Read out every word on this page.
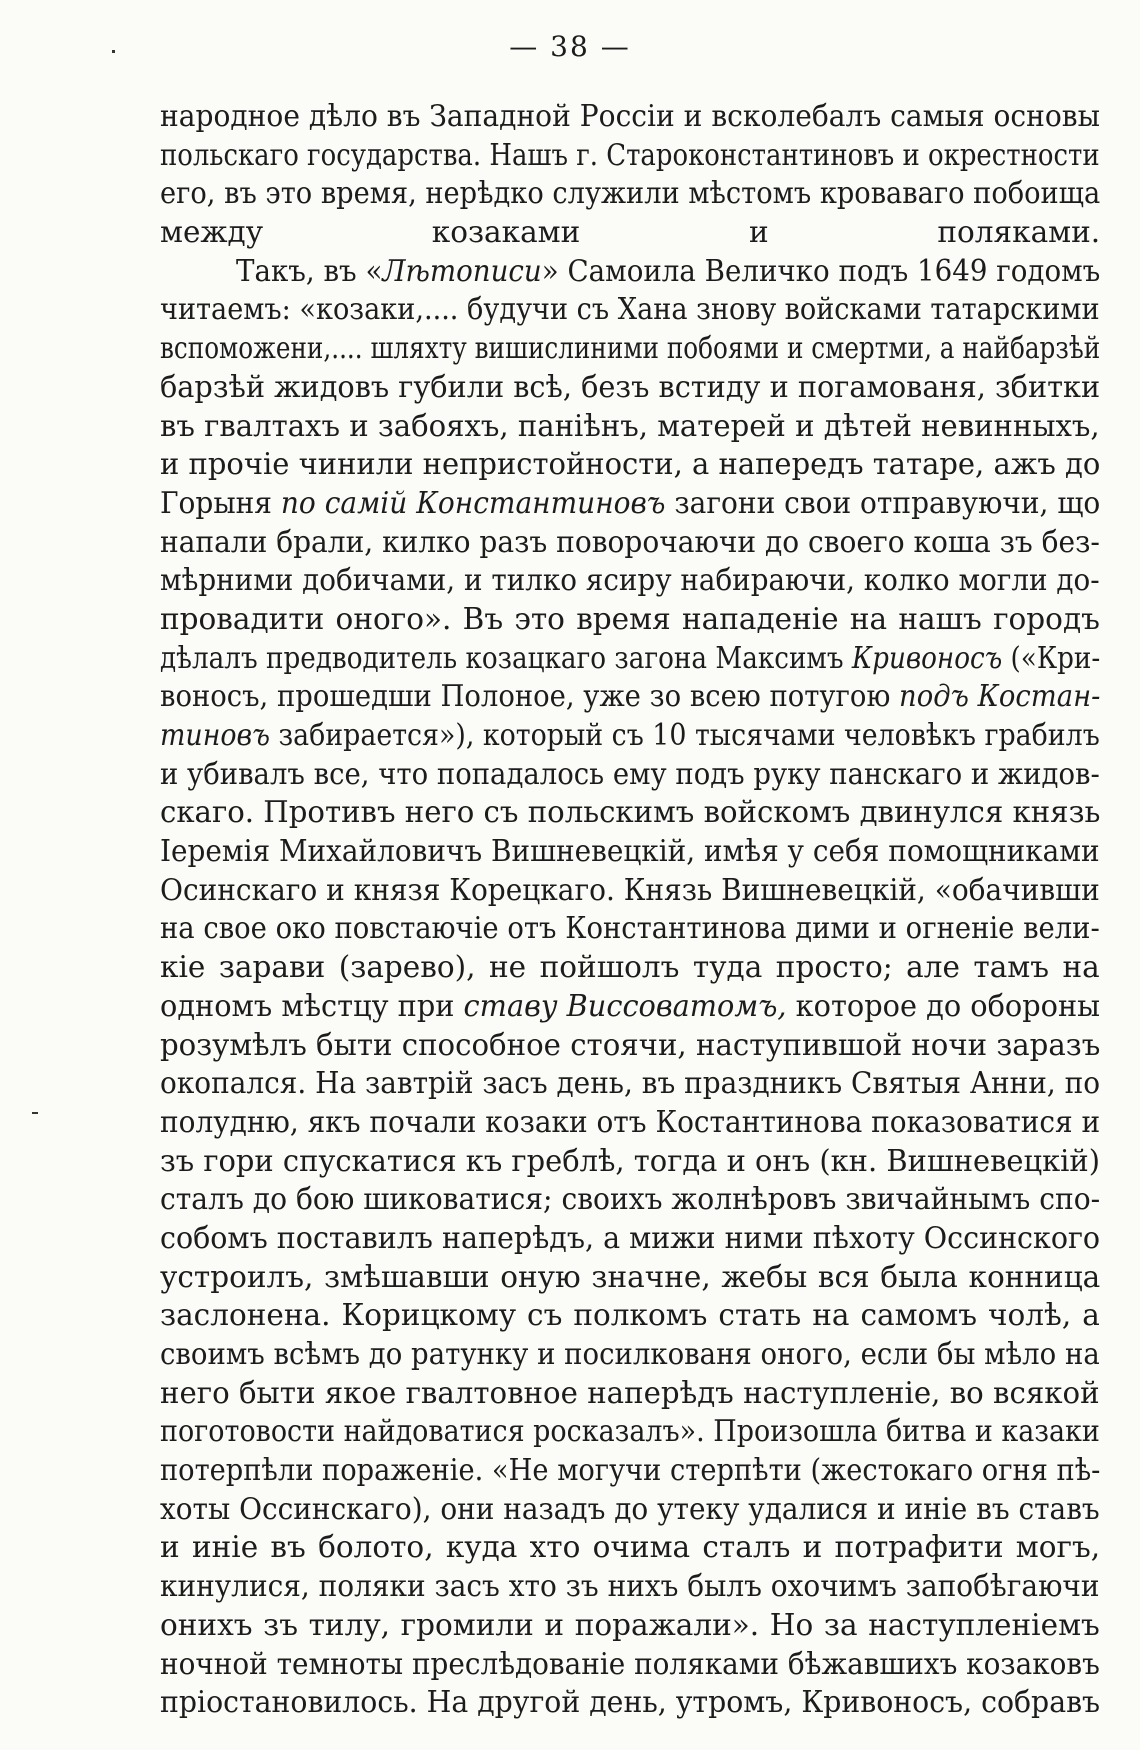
— 38 —
народное дѣло въ Западной Россіи и всколебалъ самыя основы
польскаго государства. Нашъ г. Староконстантиновъ и окрестности
его, въ это время, нерѣдко служили мѣстомъ кроваваго побоища
между козаками и поляками.
Такъ, въ «Лѣтописи» Самоила Величко подъ 1649 годомъ
читаемъ: «козаки,.... будучи съ Хана зновy войсками татарскими
вспоможени,.... шляхту вишислиними побоями и смертми, а найбарзѣй
барзѣй жидовъ губили всѣ, безъ встиду и погамованя, збитки
въ гвалтахъ и забояхъ, панiѣнъ, матерей и дѣтей невинныхъ,
и прочіе чинили непристойности, а напередъ татаре, ажъ до
Горыня по самій Константиновъ загони свои отправуючи, що
напали брали, килко разъ поворочаючи до своего коша зъ без-
мѣрними добичами, и тилко ясиру набираючи, колко могли до-
провадити оного». Въ это время нападеніе на нашъ городъ
дѣлалъ предводитель козацкаго загона Максимъ Кривоносъ («Кри-
воносъ, прошедши Полоное, уже зо всею потугою подъ Костан-
тиновъ забирается»), который съ 10 тысячами человѣкъ грабилъ
и убивалъ все, что попадалось ему подъ руку панскаго и жидов-
скаго. Противъ него съ польскимъ войскомъ двинулся князь
Іеремія Михайловичъ Вишневецкій, имѣя у себя помощниками
Осинскаго и князя Корецкаго. Князь Вишневецкій, «обачивши
на свое око повстаючіе отъ Константинова дими и огненіе вели-
кіе зарави (зарево), не пойшолъ туда просто; але тамъ на
одномъ мѣстцу при ставу Виссоватомъ, которое до обороны
розумѣлъ быти способное стоячи, наступившой ночи заразъ
окопался. На завтрій засъ день, въ праздникъ Святыя Анни, по
полудню, якъ почали козаки отъ Костантинова показоватися и
зъ гори спускатися къ греблѣ, тогда и онъ (кн. Вишневецкій)
сталъ до бою шиковатися; своихъ жолнѣровъ звичайнымъ спо-
собомъ поставилъ наперѣдъ, а мижи ними пѣхоту Оссинского
устроилъ, змѣшавши оную значне, жебы вся была конница
заслонена. Корицкому съ полкомъ стать на самомъ чолѣ, а
своимъ всѣмъ до ратунку и посилкованя оного, если бы мѣло на
него быти якое гвалтовное наперѣдъ наступленіе, во всякой
поготовости найдоватися росказалъ». Произошла битва и казаки
потерпѣли пораженіе. «Не могучи стерпѣти (жестокаго огня пѣ-
хоты Оссинскаго), они назадъ до утеку удалися и иніе въ ставъ
и иніе въ болото, куда хто очима сталъ и потрафити могъ,
кинулися, поляки засъ хто зъ нихъ былъ охочимъ запобѣгаючи
онихъ зъ тилу, громили и поражали». Но за наступленіемъ
ночной темноты преслѣдованіе поляками бѣжавшихъ козаковъ
пріостановилось. На другой день, утромъ, Кривоносъ, собравъ
